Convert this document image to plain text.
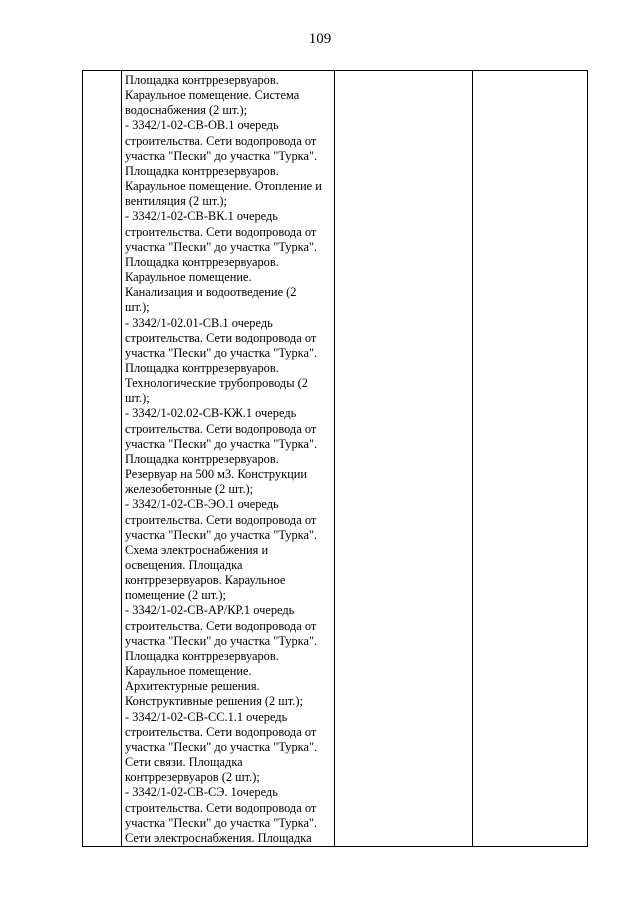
109

Площадка контррезервуаров.
Караульное помещение. Система
водоснабжения (2 шт.);
- 3342/1-02-СВ-ОВ.1 очередь
строительства. Сети водопровода от
участка "Пески" до участка "Турка".
Площадка контррезервуаров.
Караульное помещение. Отопление и
вентиляция (2 шт.);
- 3342/1-02-СВ-ВК.1 очередь
строительства. Сети водопровода от
участка "Пески" до участка "Турка".
Площадка контррезервуаров.
Караульное помещение.
Канализация и водоотведение (2
шт.);
- 3342/1-02.01-СВ.1 очередь
строительства. Сети водопровода от
участка "Пески" до участка "Турка".
Площадка контррезервуаров.
Технологические трубопроводы (2
шт.);
- 3342/1-02.02-СВ-КЖ.1 очередь
строительства. Сети водопровода от
участка "Пески" до участка "Турка".
Площадка контррезервуаров.
Резервуар на 500 м3. Конструкции
железобетонные (2 шт.);
- 3342/1-02-СВ-ЭО.1 очередь
строительства. Сети водопровода от
участка "Пески" до участка "Турка".
Схема электроснабжения и
освещения. Площадка
контррезервуаров. Караульное
помещение (2 шт.);
- 3342/1-02-СВ-АР/КР.1 очередь
строительства. Сети водопровода от
участка "Пески" до участка "Турка".
Площадка контррезервуаров.
Караульное помещение.
Архитектурные решения.
Конструктивные решения (2 шт.);
- 3342/1-02-СВ-СС.1.1 очередь
строительства. Сети водопровода от
участка "Пески" до участка "Турка".
Сети связи. Площадка
контррезервуаров (2 шт.);
- 3342/1-02-СВ-СЭ. 1очередь
строительства. Сети водопровода от
участка "Пески" до участка "Турка".
Сети электроснабжения. Площадка
